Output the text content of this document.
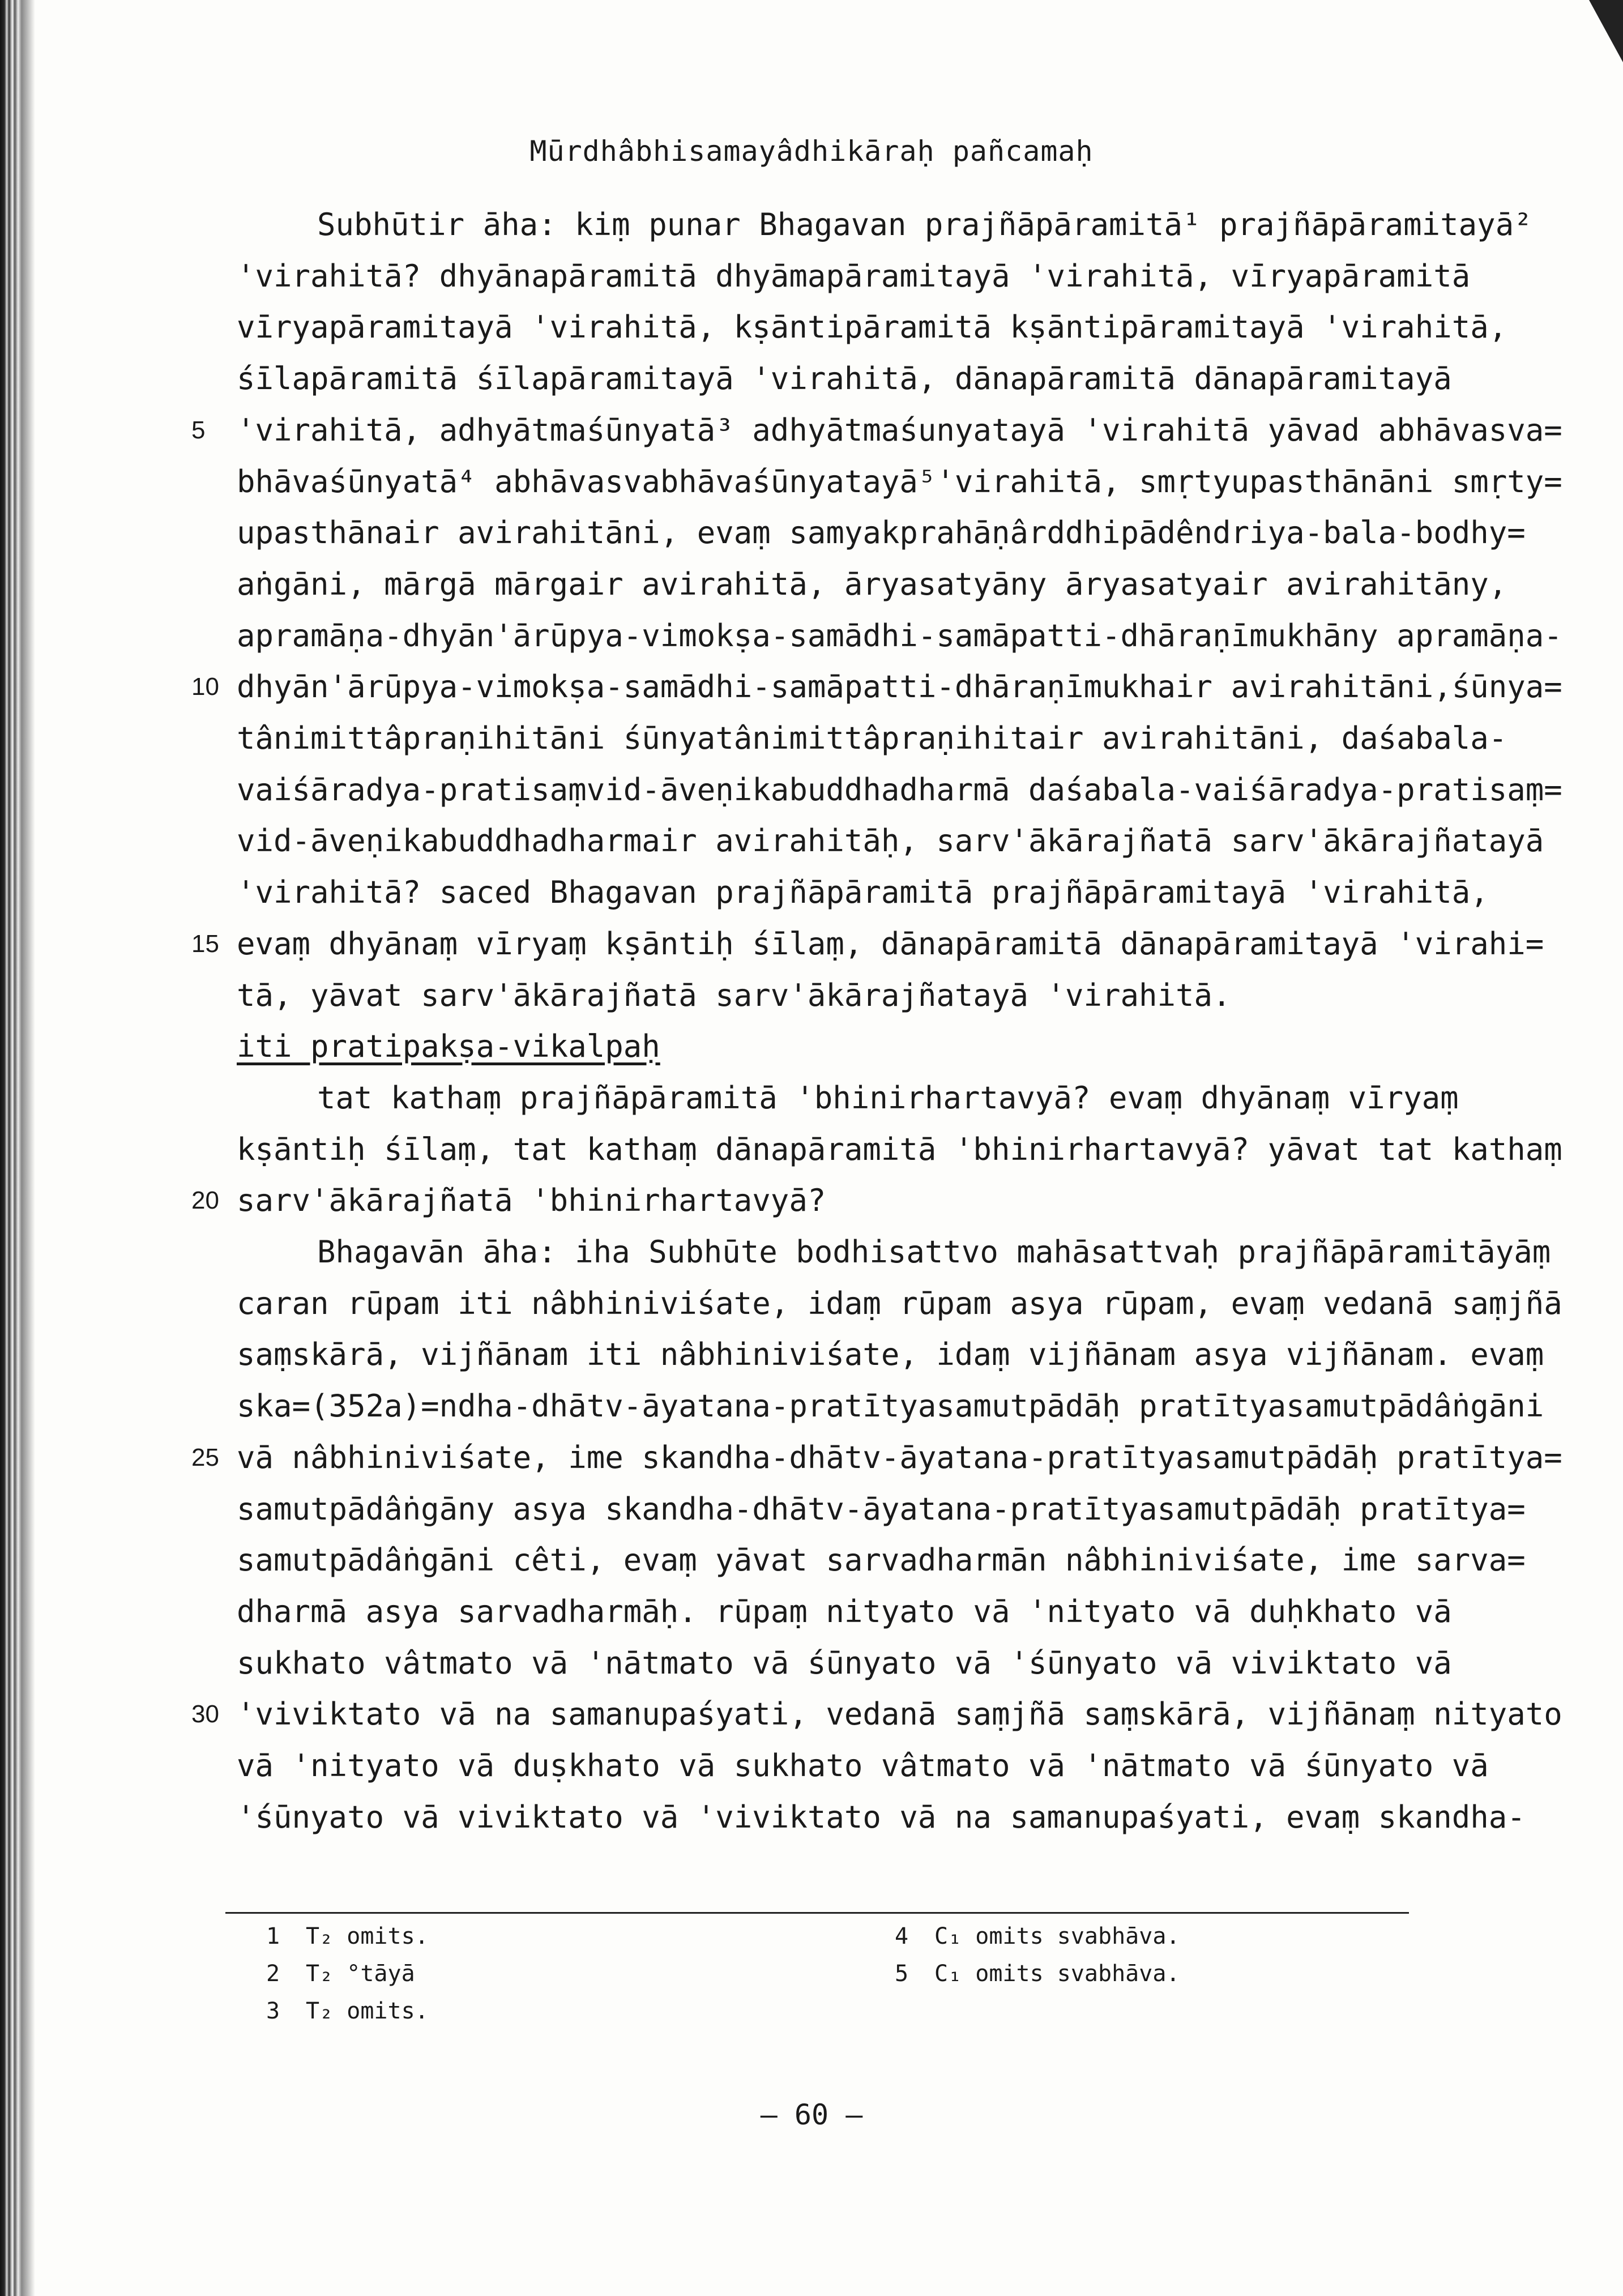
Mūrdhâbhisamayâdhikāraḥ pañcamaḥ
Subhūtir āha: kiṃ punar Bhagavan prajñāpāramitā¹ prajñāpāramitayā²
'virahitā? dhyānapāramitā dhyāmapāramitayā 'virahitā, vīryapāramitā
vīryapāramitayā 'virahitā, kṣāntipāramitā kṣāntipāramitayā 'virahitā,
śīlapāramitā śīlapāramitayā 'virahitā, dānapāramitā dānapāramitayā
'virahitā, adhyātmaśūnyatā³ adhyātmaśunyatayā 'virahitā yāvad abhāvasva=
bhāvaśūnyatā⁴ abhāvasvabhāvaśūnyatayā⁵'virahitā, smṛtyupasthānāni smṛty=
upasthānair avirahitāni, evaṃ samyakprahāṇârddhipādêndriya-bala-bodhy=
aṅgāni, mārgā mārgair avirahitā, āryasatyāny āryasatyair avirahitāny,
apramāṇa-dhyān'ārūpya-vimokṣa-samādhi-samāpatti-dhāraṇīmukhāny apramāṇa-
dhyān'ārūpya-vimokṣa-samādhi-samāpatti-dhāraṇīmukhair avirahitāni,śūnya=
tânimittâpraṇihitāni śūnyatânimittâpraṇihitair avirahitāni, daśabala-
vaiśāradya-pratisaṃvid-āveṇikabuddhadharmā daśabala-vaiśāradya-pratisaṃ=
vid-āveṇikabuddhadharmair avirahitāḥ, sarv'ākārajñatā sarv'ākārajñatayā
'virahitā? saced Bhagavan prajñāpāramitā prajñāpāramitayā 'virahitā,
evaṃ dhyānaṃ vīryaṃ kṣāntiḥ śīlaṃ, dānapāramitā dānapāramitayā 'virahi=
tā, yāvat sarv'ākārajñatā sarv'ākārajñatayā 'virahitā.
iti pratipakṣa-vikalpaḥ
tat kathaṃ prajñāpāramitā 'bhinirhartavyā? evaṃ dhyānaṃ vīryaṃ
kṣāntiḥ śīlaṃ, tat kathaṃ dānapāramitā 'bhinirhartavyā? yāvat tat kathaṃ
sarv'ākārajñatā 'bhinirhartavyā?
Bhagavān āha: iha Subhūte bodhisattvo mahāsattvaḥ prajñāpāramitāyāṃ
caran rūpam iti nâbhiniviśate, idaṃ rūpam asya rūpam, evaṃ vedanā saṃjñā
saṃskārā, vijñānam iti nâbhiniviśate, idaṃ vijñānam asya vijñānam. evaṃ
ska=(352a)=ndha-dhātv-āyatana-pratītyasamutpādāḥ pratītyasamutpādâṅgāni
vā nâbhiniviśate, ime skandha-dhātv-āyatana-pratītyasamutpādāḥ pratītya=
samutpādâṅgāny asya skandha-dhātv-āyatana-pratītyasamutpādāḥ pratītya=
samutpādâṅgāni cêti, evaṃ yāvat sarvadharmān nâbhiniviśate, ime sarva=
dharmā asya sarvadharmāḥ. rūpaṃ nityato vā 'nityato vā duḥkhato vā
sukhato vâtmato vā 'nātmato vā śūnyato vā 'śūnyato vā viviktato vā
'viviktato vā na samanupaśyati, vedanā saṃjñā saṃskārā, vijñānaṃ nityato
vā 'nityato vā duṣkhato vā sukhato vâtmato vā 'nātmato vā śūnyato vā
'śūnyato vā viviktato vā 'viviktato vā na samanupaśyati, evaṃ skandha-
5
10
15
20
25
30
1 T₂ omits.
2 T₂ °tāyā
3 T₂ omits.
4 C₁ omits svabhāva.
5 C₁ omits svabhāva.
— 60 —
